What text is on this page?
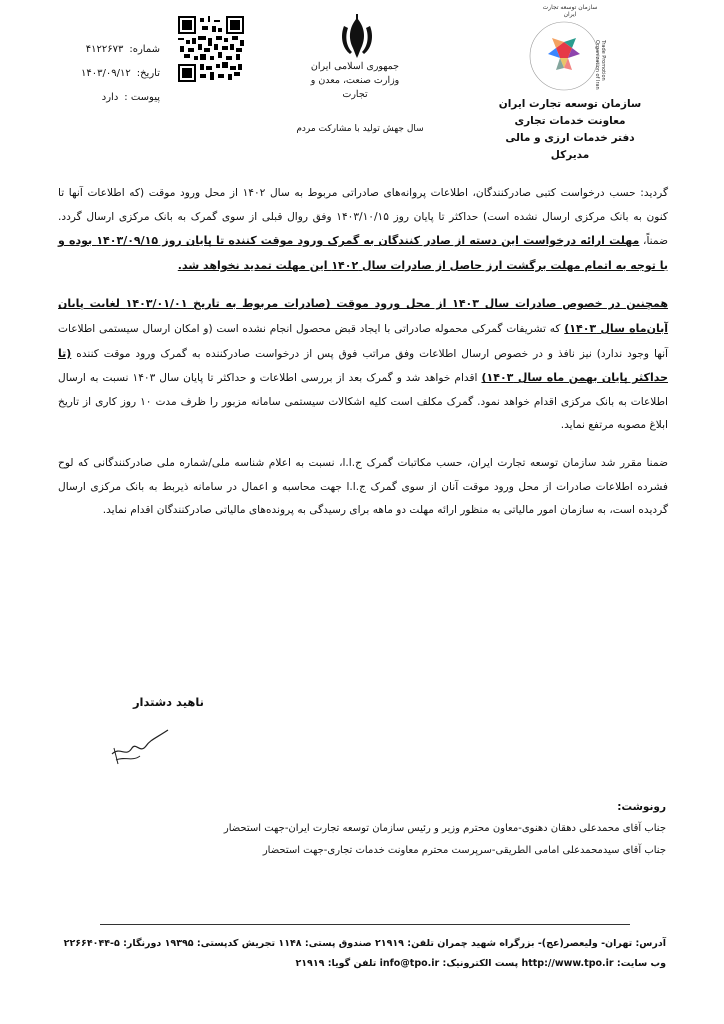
سازمان توسعه تجارت ایران
Trade Promotion Organization of Iran
سازمان توسعه تجارت ایران
معاونت خدمات تجاری
دفتر خدمات ارزی و مالی
مدیرکل
جمهوری اسلامی ایران
وزارت صنعت، معدن و تجارت
سال جهش تولید با مشارکت مردم
شماره:
۴۱۲۲۶۷۳
تاریخ:
۱۴۰۳/۰۹/۱۲
پیوست :
دارد

گردید: حسب درخواست کتبی صادرکنندگان، اطلاعات پروانه‌های صادراتی مربوط به سال ۱۴۰۲ از محل ورود موقت (که اطلاعات آنها تا کنون به بانک مرکزی ارسال نشده است) حداکثر تا پایان روز ۱۴۰۳/۱۰/۱۵ وفق روال قبلی از سوی گمرک به بانک مرکزی ارسال گردد. ضمناً، مهلت ارائه درخواست این دسته از صادر کنندگان به گمرک ورود موقت کننده تا پایان روز ۱۴۰۳/۰۹/۱۵ بوده و با توجه به اتمام مهلت برگشت ارز حاصل از صادرات سال ۱۴۰۲ این مهلت تمدید نخواهد شد.

همچنین در خصوص صادرات سال ۱۴۰۳ از محل ورود موقت (صادرات مربوط به تاریخ ۱۴۰۳/۰۱/۰۱ لغایت پایان آبان‌ماه سال ۱۴۰۳) که تشریفات گمرکی محموله صادراتی با ایجاد قبض محصول انجام نشده است (و امکان ارسال سیستمی اطلاعات آنها وجود ندارد) نیز نافذ و در خصوص ارسال اطلاعات وفق مراتب فوق پس از درخواست صادرکننده به گمرک ورود موقت کننده (تا حداکثر پایان بهمن ماه سال ۱۴۰۳) اقدام خواهد شد و گمرک بعد از بررسی اطلاعات و حداکثر تا پایان سال ۱۴۰۳ نسبت به ارسال اطلاعات به بانک مرکزی اقدام خواهد نمود. گمرک مکلف است کلیه اشکالات سیستمی سامانه مزبور را ظرف مدت ۱۰ روز کاری از تاریخ ابلاغ مصوبه مرتفع نماید.

ضمنا مقرر شد سازمان توسعه تجارت ایران، حسب مکاتبات گمرک ج.ا.ا، نسبت به اعلام شناسه ملی/شماره ملی صادرکنندگانی که لوح فشرده اطلاعات صادرات از محل ورود موقت آنان از سوی گمرک ج.ا.ا جهت محاسبه و اعمال در سامانه ذیربط به بانک مرکزی ارسال گردیده است، به سازمان امور مالیاتی به منظور ارائه مهلت دو ماهه برای رسیدگی به پرونده‌های مالیاتی صادرکنندگان اقدام نماید.

ناهید دشتدار
رونوشت:
جناب آقای محمدعلی دهقان دهنوی-معاون محترم وزیر و رئیس سازمان توسعه تجارت ایران-جهت استحضار
جناب آقای سیدمحمدعلی امامی الطریقی-سرپرست محترم معاونت خدمات تجاری-جهت استحضار
آدرس: تهران- ولیعصر(عج)- بزرگراه شهید چمران تلفن: ۲۱۹۱۹ صندوق پستی: ۱۱۴۸ تجریش کدپستی: ۱۹۳۹۵ دورنگار: ۵-۲۲۶۶۴۰۴۴
وب سایت: http://www.tpo.ir پست الکترونیک: info@tpo.ir تلفن گویا: ۲۱۹۱۹
